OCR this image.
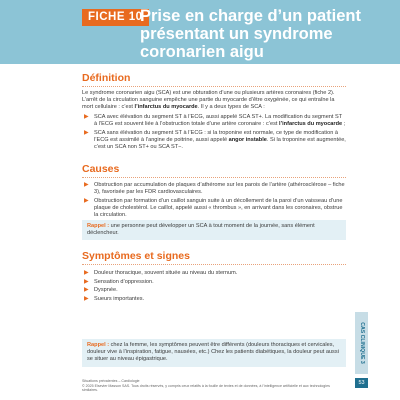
FICHE 10
Prise en charge d’un patient présentant un syndrome coronarien aigu
Définition

Le syndrome coronarien aigu (SCA) est une obturation d’une ou plusieurs artères coronaires (fiche 2). L’arrêt de la circulation sanguine empêche une partie du myocarde d’être oxygénée, ce qui entraîne la mort cellulaire : c’est l’infarctus du myocarde. Il y a deux types de SCA :

▶ SCA avec élévation du segment ST à l’ECG, aussi appelé SCA ST+. La modification du segment ST à l’ECG est souvent liée à l’obstruction totale d’une artère coronaire : c’est l’infarctus du myocarde ;
▶ SCA sans élévation du segment ST à l’ECG : si la troponine est normale, ce type de modification à l’ECG est assimilé à l’angine de poitrine, aussi appelé angor instable. Si la troponine est augmentée, c’est un SCA non ST+ ou SCA ST−.
Causes
▶ Obstruction par accumulation de plaques d’athérome sur les parois de l’artère (athérosclérose – fiche 3), favorisée par les FDR cardiovasculaires.
▶ Obstruction par formation d’un caillot sanguin suite à un décollement de la paroi d’un vaisseau d’une plaque de cholestérol. Le caillot, appelé aussi « thrombus », en arrivant dans les coronaires, obstrue la circulation.
Rappel : une personne peut développer un SCA à tout moment de la journée, sans élément déclencheur.
Symptômes et signes
▶ Douleur thoracique, souvent située au niveau du sternum.
▶ Sensation d’oppression.
▶ Dyspnée.
▶ Sueurs importantes.
Rappel : chez la femme, les symptômes peuvent être différents (douleurs thoraciques et cervicales, douleur vive à l’inspiration, fatigue, nausées, etc.) Chez les patients diabétiques, la douleur peut aussi se situer au niveau épigastrique.	CAS CLINIQUE 3
53
Situations prévalentes – Cardiologie
© 2025 Elsevier Masson SAS. Tous droits réservés, y compris ceux relatifs à la fouille de textes et de données, à l’intelligence artificielle et aux technologies similaires.
